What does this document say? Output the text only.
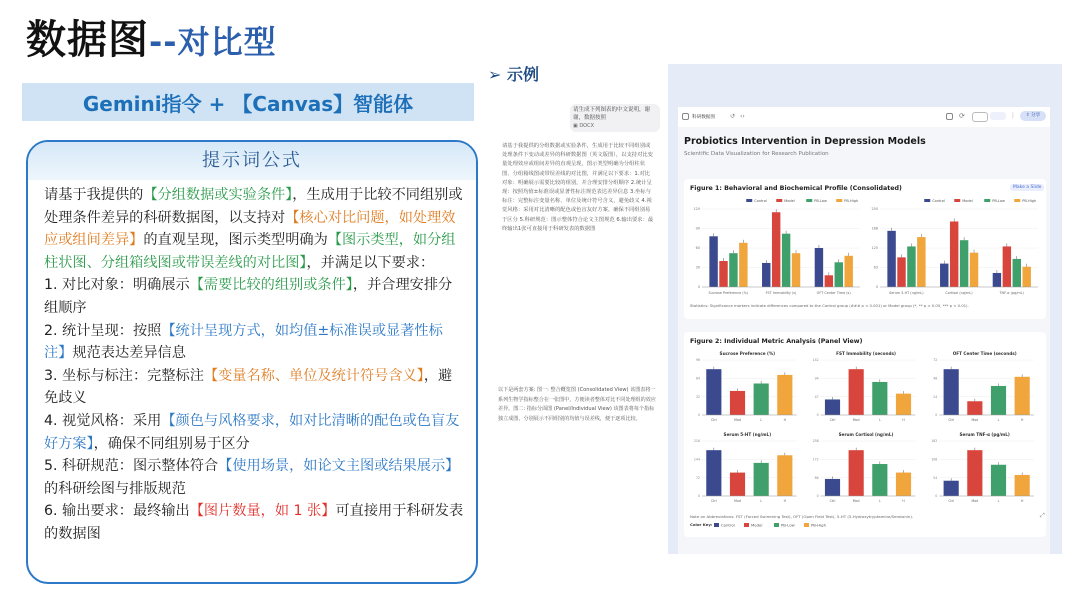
数据图--对比型
Gemini指令 + 【Canvas】智能体
提示词公式
请基于我提供的【分组数据或实验条件】，生成用于比较不同组别或处理条件差异的科研数据图，以支持对【核心对比问题，如处理效应或组间差异】的直观呈现，图示类型明确为【图示类型，如分组柱状图、分组箱线图或带误差线的对比图】，并满足以下要求：
1. 对比对象：明确展示【需要比较的组别或条件】，并合理安排分组顺序
2. 统计呈现：按照【统计呈现方式，如均值±标准误或显著性标注】规范表达差异信息
3. 坐标与标注：完整标注【变量名称、单位及统计符号含义】，避免歧义
4. 视觉风格：采用【颜色与风格要求，如对比清晰的配色或色盲友好方案】，确保不同组别易于区分
5. 科研规范：图示整体符合【使用场景，如论文主图或结果展示】的科研绘图与排版规范
6. 输出要求：最终输出【图片数量，如 1 张】可直接用于科研发表的数据图
➢ 示例
请生成下列图表的中文说明，谢谢，数据按照
▣ DOCX
请基于我提供的分组数据或实验条件，生成用于比较不同组别或处理条件下变动或差异的科研数据图（英文版图），以支持对比变量处理效应或组间差异的直观呈现，图示类型明确为分组柱状图、分组箱线图或带误差线的对比图，并满足以下要求：1.对比对象：明确展示需要比较的组别，并合理安排分组顺序 2.统计呈现：按照均值±标准误或显著性标注规范表达差异信息 3.坐标与标注：完整标注变量名称、单位及统计符号含义，避免歧义 4.视觉风格：采用对比清晰的配色或色盲友好方案，确保不同组别易于区分 5.科研规范：图示整体符合论文主图规范 6.输出要求：最终输出1张可直接用于科研发表的数据图
以下是两套方案: 图一: 整合概览图 (Consolidated View) 该图表将一系列生物学指标整合在一张图中，方便读者整体对比不同处理组的效应差异。图二: 指标分面图 (Panel/Individual View) 该图表将每个指标独立成图，分别展示不同组别的均值与误差线，便于逐项比较。
科研数据图	↺ ‹›	⟳	⋮	⇪ 分享
Probiotics Intervention in Depression Models
Scientific Data Visualization for Research Publication
Figure 1: Behavioral and Biochemical Profile (Consolidated)	Make a Slide
Control	Model	PB-Low	PB-High
0
30
60
90
120
Sucrose Preference (%)	FST Immobility (s)	OFT Center Time (s)
Control	Model	PB-Low	PB-High
0
63
125
188
250
Serum 5-HT (ng/mL)	Cortisol (ng/mL)	TNF-α (pg/mL)
Statistics: Significance markers indicate differences compared to the Control group (### p < 0.001) or Model group (*, ** p < 0.05, *** p < 0.01).
Figure 2: Individual Metric Analysis (Panel View)
Sucrose Preference (%)
0
32
64
96
Ctrl	Mod	L	H
FST Immobility (seconds)
0
47
94
142
Ctrl	Mod	L	H
OFT Center Time (seconds)
0
24
48
72
Ctrl	Mod	L	H
Serum 5-HT (ng/mL)
0
72
144
216
Ctrl	Mod	L	H
Serum Cortisol (ng/mL)
0
86
172
258
Ctrl	Mod	L	H
Serum TNF-α (pg/mL)
0
54
108
162
Ctrl	Mod	L	H
Note on Abbreviations: FST (Forced Swimming Test), OFT (Open Field Test), 5-HT (5-Hydroxytryptamine/Serotonin).
Color Key: Control	Model	PB-Low	PB-High
⤢
